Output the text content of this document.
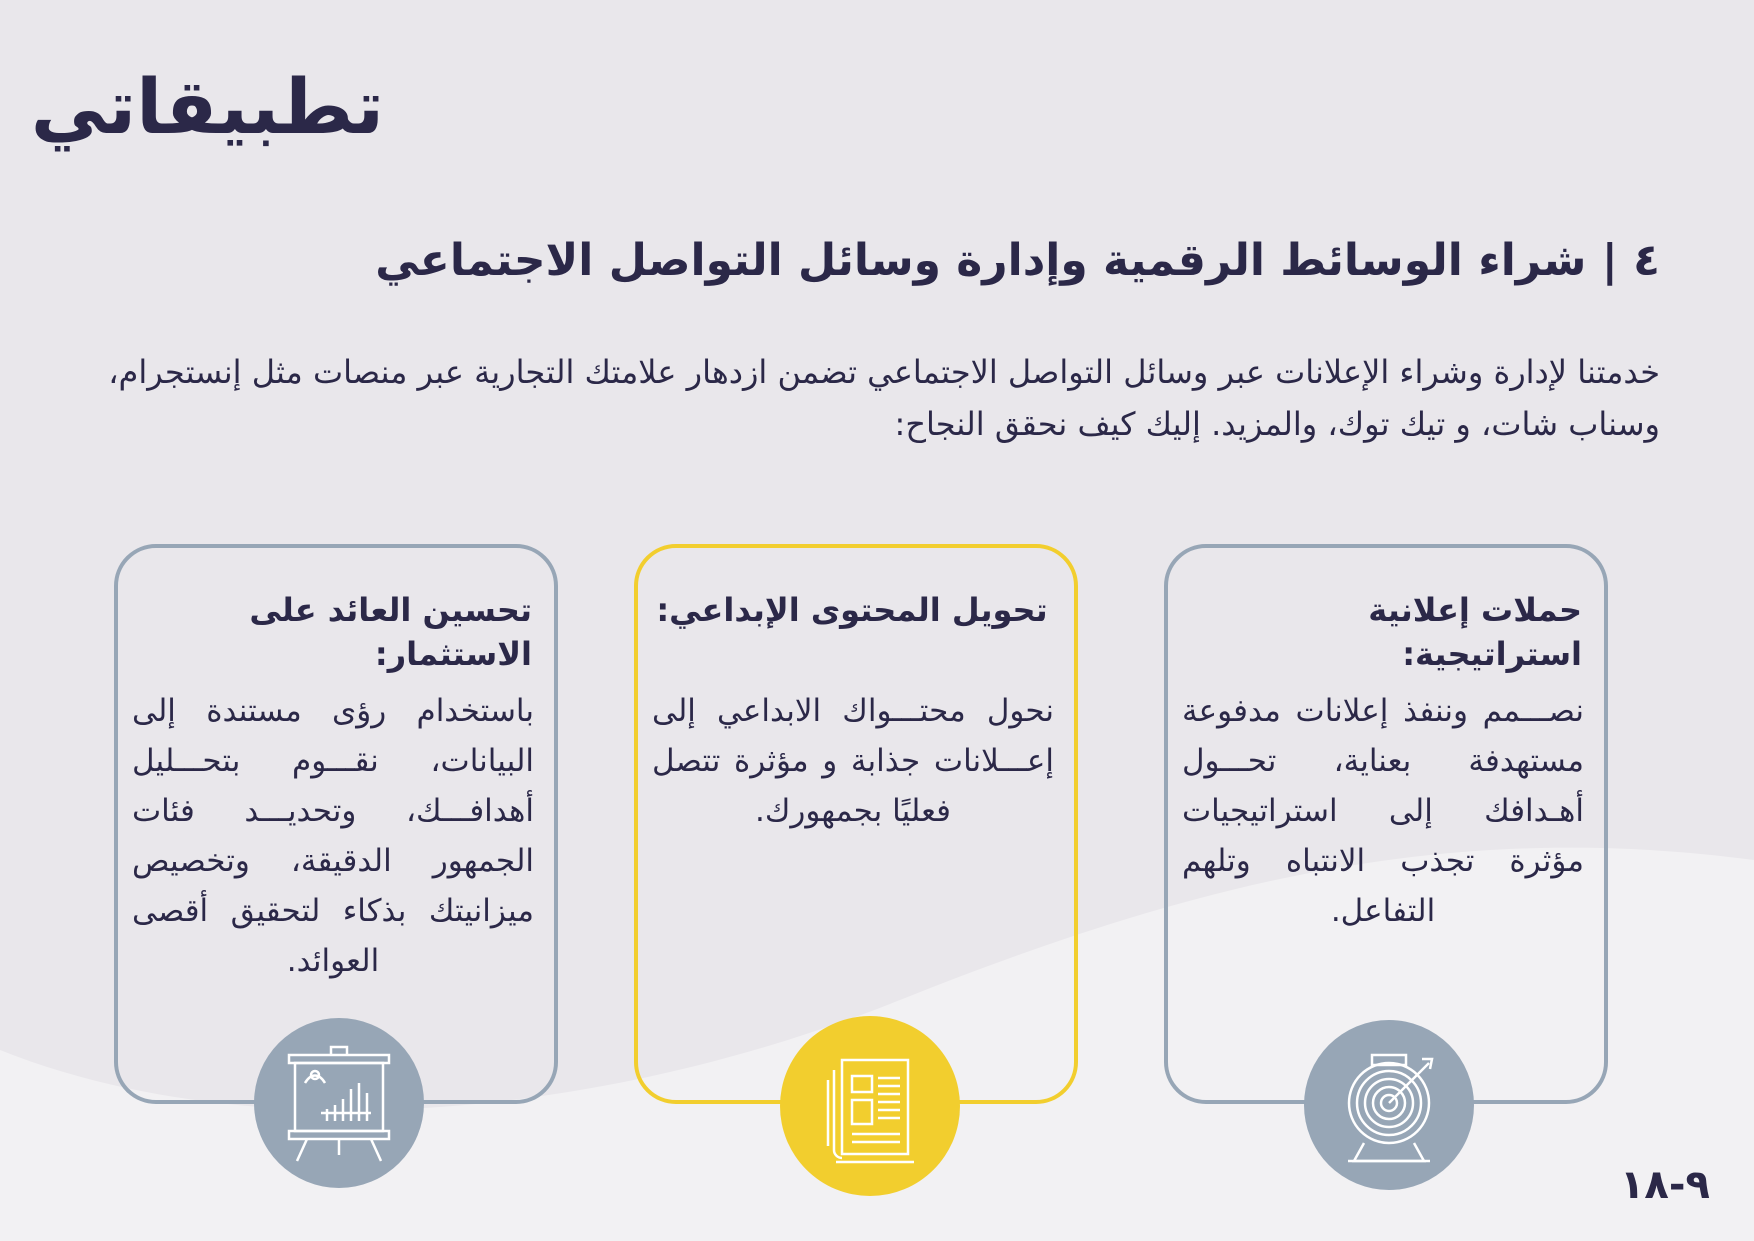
تطبيقاتي
٤ | شراء الوسائط الرقمية وإدارة وسائل التواصل الاجتماعي

خدمتنا لإدارة وشراء الإعلانات عبر وسائل التواصل الاجتماعي تضمن ازدهار علامتك التجارية عبر منصات مثل إنستجرام، وسناب شات، و تيك توك، والمزيد. إليك كيف نحقق النجاح:

حملات إعلانية استراتيجية:

نصـــمم وننفذ إعلانات مدفوعة مستهدفة بعناية، تحـــول أهـدافك إلى استراتيجيات مؤثرة تجذب الانتباه وتلهم التفاعل.

تحويل المحتوى الإبداعي:

نحول محتـــواك الابداعي إلى إعـــلانات جذابة و مؤثرة تتصل فعليًا بجمهورك.

تحسين العائد على الاستثمار:

باستخدام رؤى مستندة إلى البيانات، نقـــوم بتحـــليل أهدافـــك، وتحديـــد فئات الجمهور الدقيقة، وتخصيص ميزانيتك بذكاء لتحقيق أقصى العوائد.

٩-١٨
